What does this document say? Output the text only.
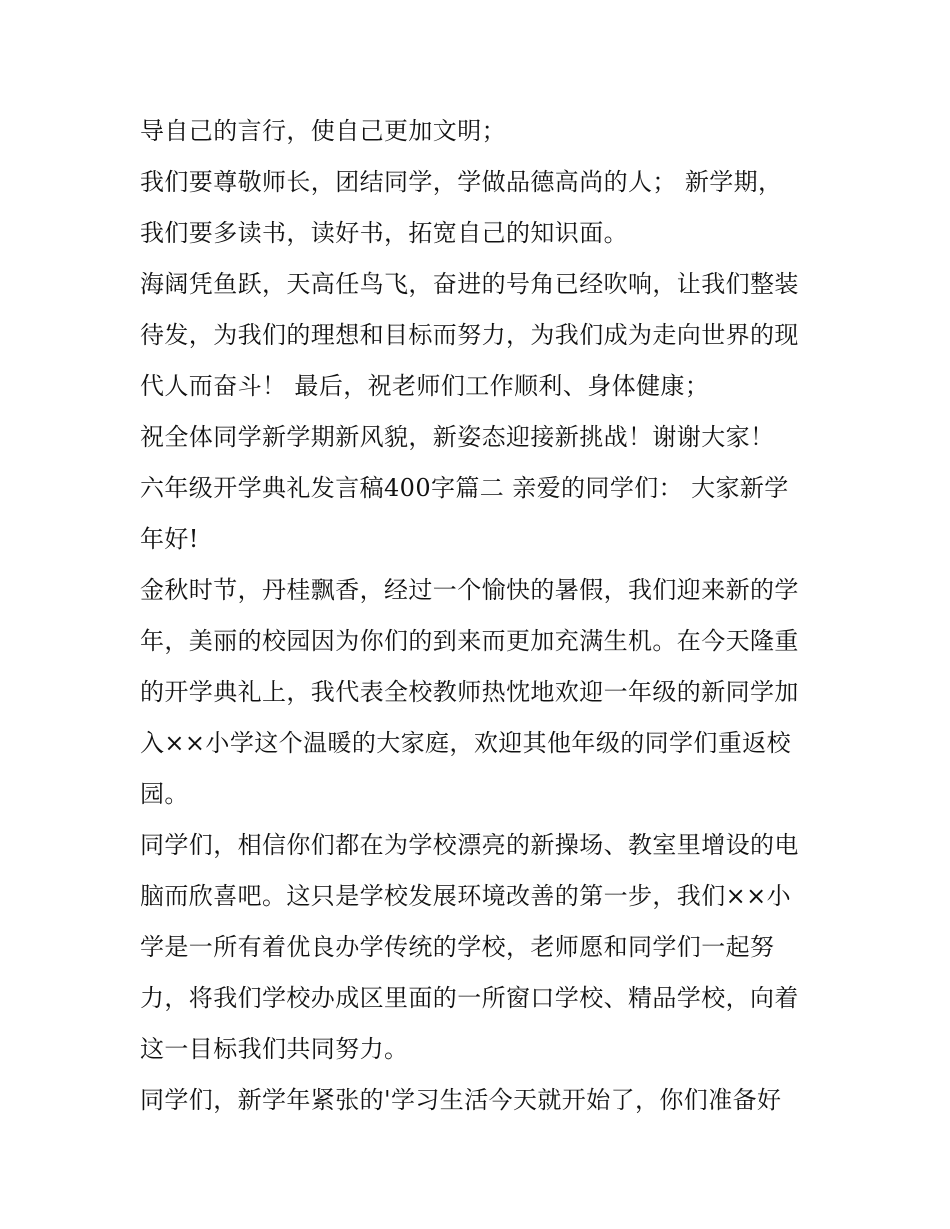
导自己的言行，使自己更加文明；
我们要尊敬师长，团结同学，学做品德高尚的人； 新学期，
我们要多读书，读好书，拓宽自己的知识面。
海阔凭鱼跃，天高任鸟飞，奋进的号角已经吹响，让我们整装
待发，为我们的理想和目标而努力，为我们成为走向世界的现
代人而奋斗！ 最后，祝老师们工作顺利、身体健康；
祝全体同学新学期新风貌，新姿态迎接新挑战！谢谢大家！
六年级开学典礼发言稿400字篇二 亲爱的同学们： 大家新学
年好!
金秋时节，丹桂飘香，经过一个愉快的暑假，我们迎来新的学
年，美丽的校园因为你们的到来而更加充满生机。在今天隆重
的开学典礼上，我代表全校教师热忱地欢迎一年级的新同学加
入××小学这个温暖的大家庭，欢迎其他年级的同学们重返校
园。
同学们，相信你们都在为学校漂亮的新操场、教室里增设的电
脑而欣喜吧。这只是学校发展环境改善的第一步，我们××小
学是一所有着优良办学传统的学校，老师愿和同学们一起努
力，将我们学校办成区里面的一所窗口学校、精品学校，向着
这一目标我们共同努力。
同学们，新学年紧张的'学习生活今天就开始了，你们准备好
